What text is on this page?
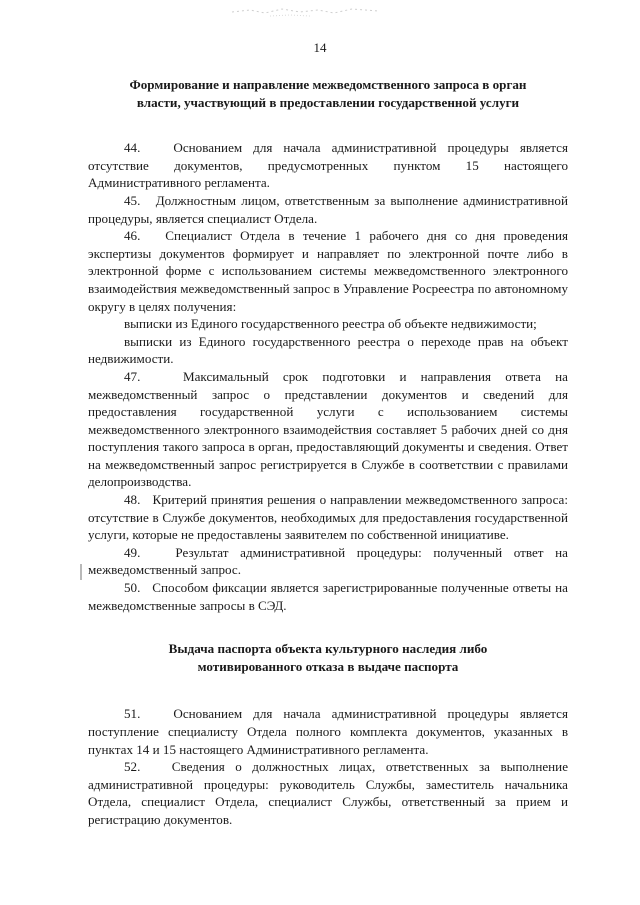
14
Формирование и направление межведомственного запроса в орган
власти, участвующий в предоставлении государственной услуги

44.   Основанием для начала административной процедуры является отсутствие документов, предусмотренных пунктом 15 настоящего Административного регламента.

45.   Должностным лицом, ответственным за выполнение административной процедуры, является специалист Отдела.

46.   Специалист Отдела в течение 1 рабочего дня со дня проведения экспертизы документов формирует и направляет по электронной почте либо в электронной форме с использованием системы межведомственного электронного взаимодействия межведомственный запрос в Управление Росреестра по автономному округу в целях получения:

выписки из Единого государственного реестра об объекте недвижимости;

выписки из Единого государственного реестра о переходе прав на объект недвижимости.

47.   Максимальный срок подготовки и направления ответа на межведомственный запрос о представлении документов и сведений для предоставления государственной услуги с использованием системы межведомственного электронного взаимодействия составляет 5 рабочих дней со дня поступления такого запроса в орган, предоставляющий документы и сведения. Ответ на межведомственный запрос регистрируется в Службе в соответствии с правилами делопроизводства.

48.   Критерий принятия решения о направлении межведомственного запроса: отсутствие в Службе документов, необходимых для предоставления государственной услуги, которые не предоставлены заявителем по собственной инициативе.

49.   Результат административной процедуры: полученный ответ на межведомственный запрос.

50.   Способом фиксации является зарегистрированные полученные ответы на межведомственные запросы в СЭД.

Выдача паспорта объекта культурного наследия либо
мотивированного отказа в выдаче паспорта

51.   Основанием для начала административной процедуры является поступление специалисту Отдела полного комплекта документов, указанных в пунктах 14 и 15 настоящего Административного регламента.

52.   Сведения о должностных лицах, ответственных за выполнение административной процедуры: руководитель Службы, заместитель начальника Отдела, специалист Отдела, специалист Службы, ответственный за прием и регистрацию документов.
